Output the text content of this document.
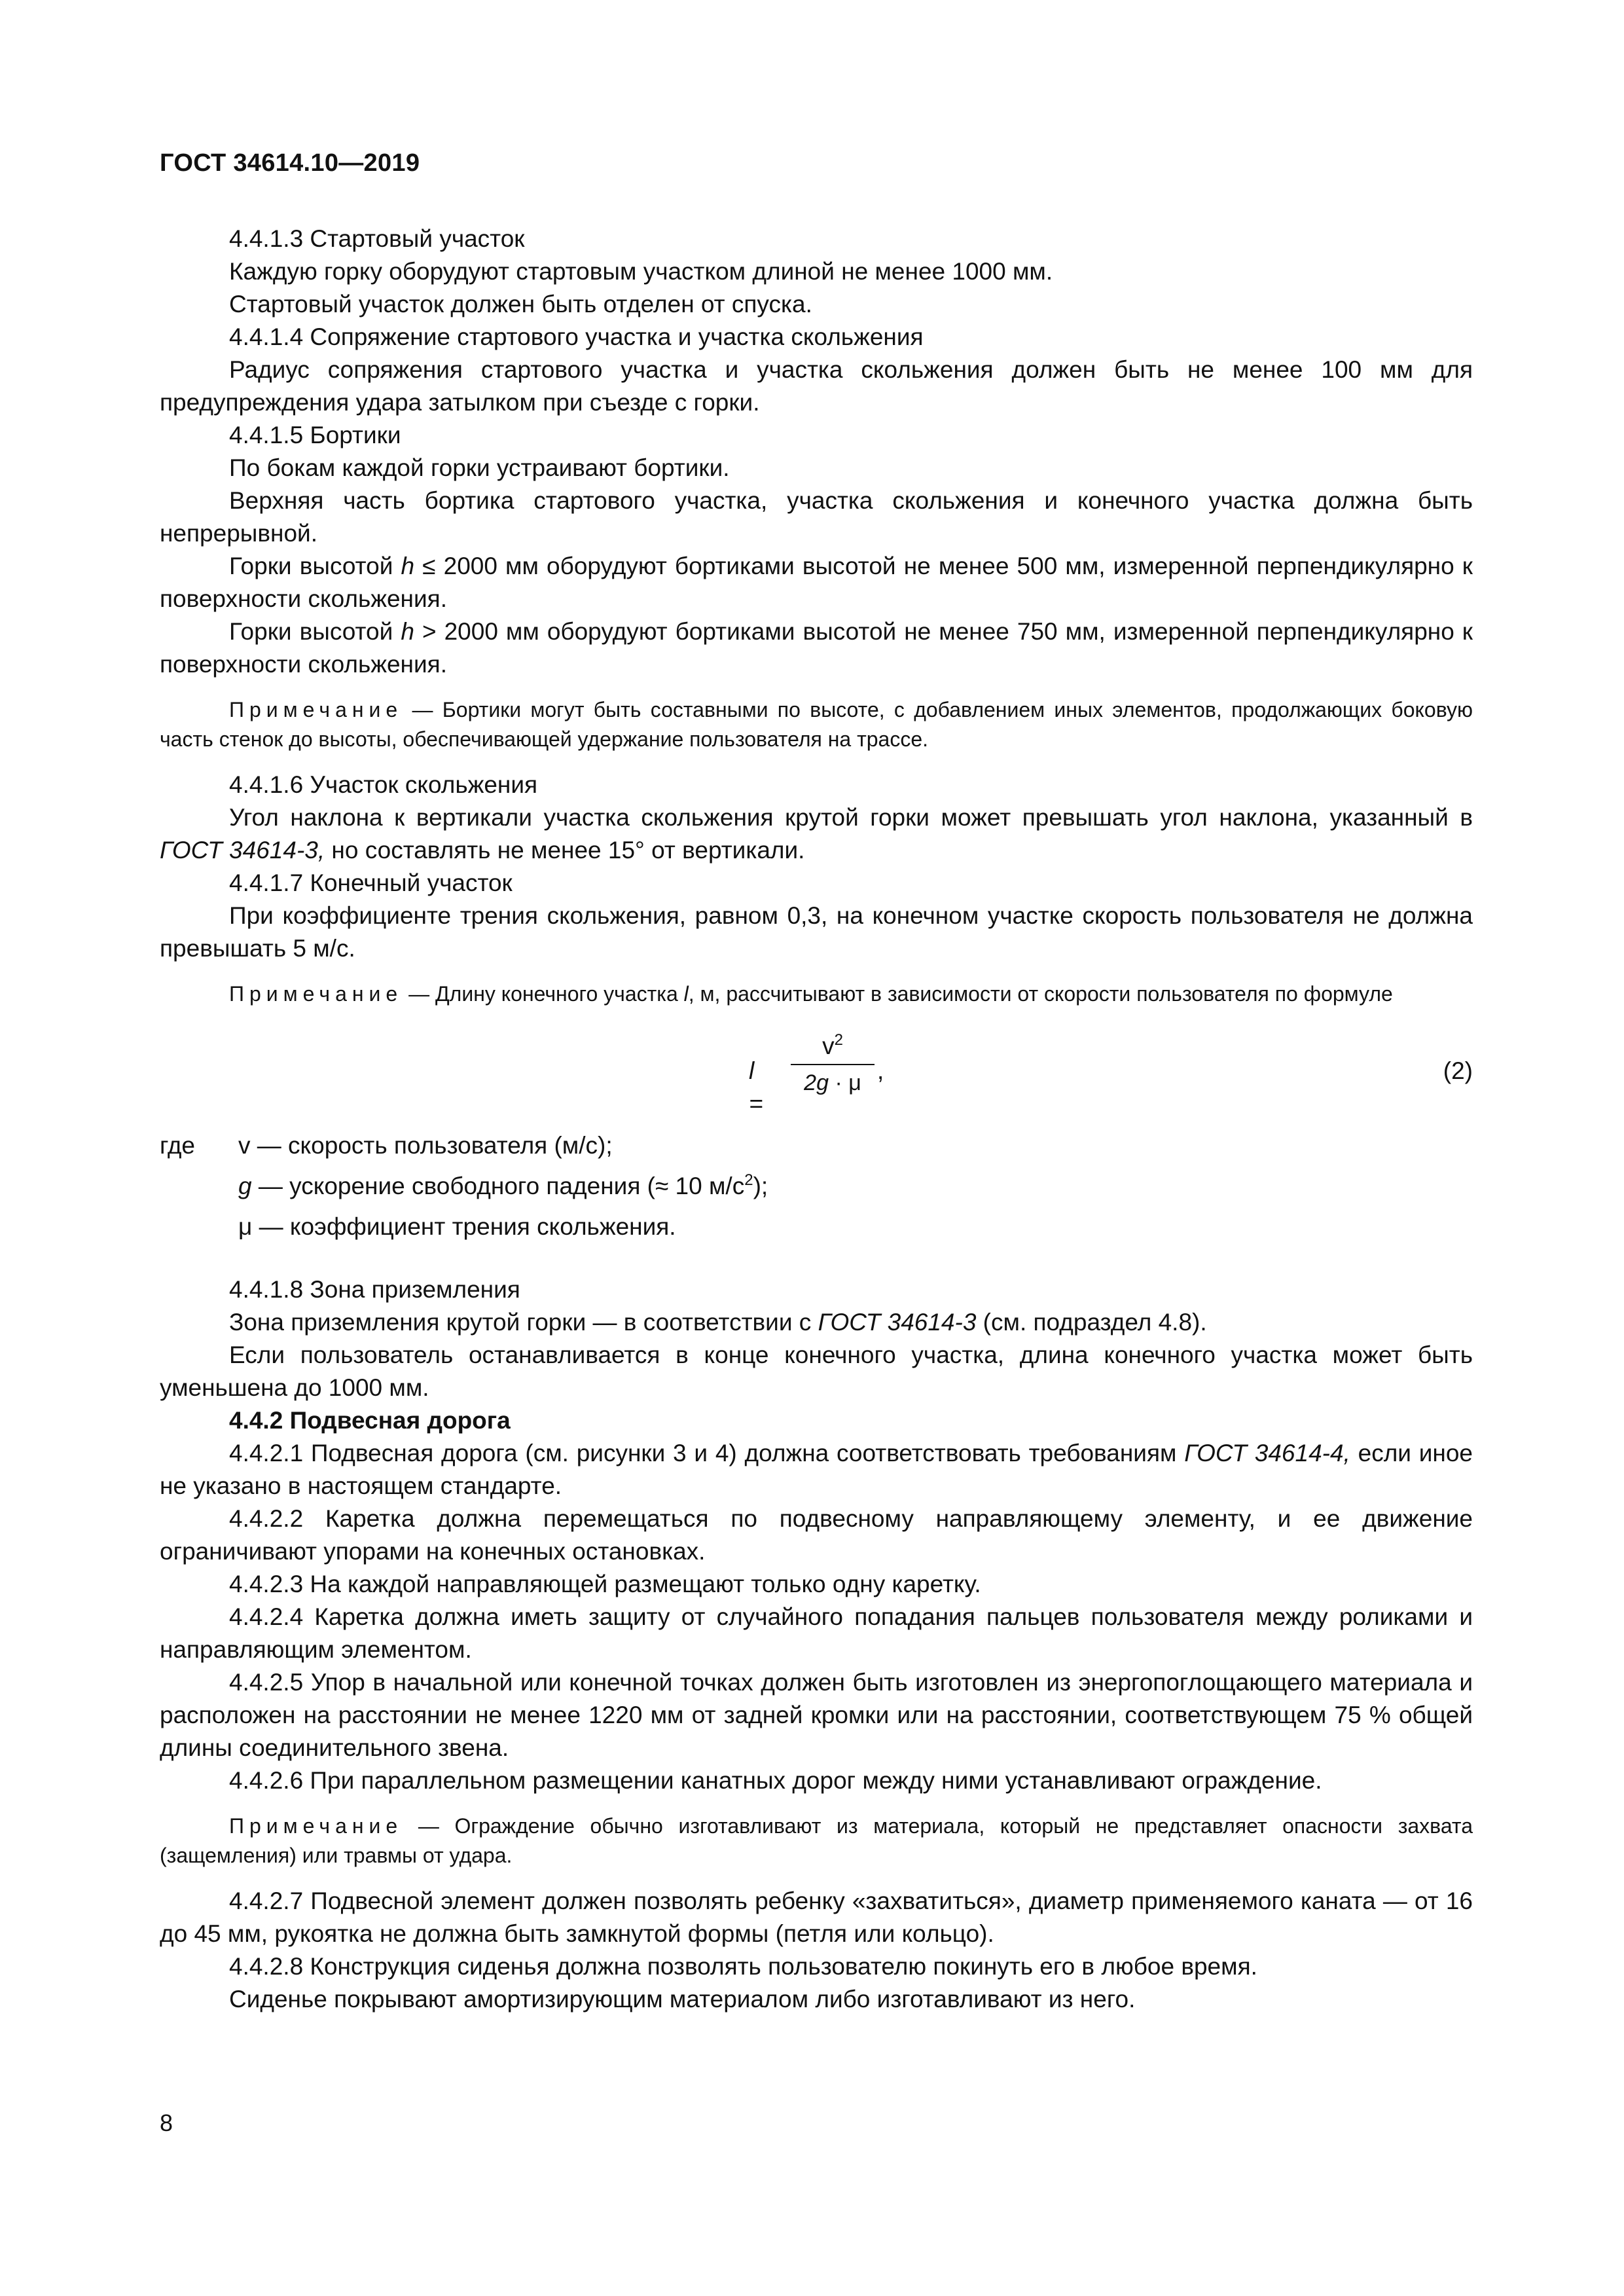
ГОСТ 34614.10—2019

4.4.1.3 Стартовый участок

Каждую горку оборудуют стартовым участком длиной не менее 1000 мм.

Стартовый участок должен быть отделен от спуска.

4.4.1.4 Сопряжение стартового участка и участка скольжения

Радиус сопряжения стартового участка и участка скольжения должен быть не менее 100 мм для предупреждения удара затылком при съезде с горки.

4.4.1.5 Бортики

По бокам каждой горки устраивают бортики.

Верхняя часть бортика стартового участка, участка скольжения и конечного участка должна быть непрерывной.

Горки высотой h ≤ 2000 мм оборудуют бортиками высотой не менее 500 мм, измеренной перпендикулярно к поверхности скольжения.

Горки высотой h > 2000 мм оборудуют бортиками высотой не менее 750 мм, измеренной перпендикулярно к поверхности скольжения.

Примечание — Бортики могут быть составными по высоте, с добавлением иных элементов, продолжающих боковую часть стенок до высоты, обеспечивающей удержание пользователя на трассе.

4.4.1.6 Участок скольжения

Угол наклона к вертикали участка скольжения крутой горки может превышать угол наклона, указанный в ГОСТ 34614-3, но составлять не менее 15° от вертикали.

4.4.1.7 Конечный участок

При коэффициенте трения скольжения, равном 0,3, на конечном участке скорость пользователя не должна превышать 5 м/с.

Примечание — Длину конечного участка l, м, рассчитывают в зависимости от скорости пользователя по формуле

l =
$v^2$
2g · μ ,	(2)
где v — скорость пользователя (м/с);
g — ускорение свободного падения (≈ 10 $м/с^2$);
μ — коэффициент трения скольжения.

4.4.1.8 Зона приземления

Зона приземления крутой горки — в соответствии с ГОСТ 34614-3 (см. подраздел 4.8).

Если пользователь останавливается в конце конечного участка, длина конечного участка может быть уменьшена до 1000 мм.

4.4.2 Подвесная дорога

4.4.2.1 Подвесная дорога (см. рисунки 3 и 4) должна соответствовать требованиям ГОСТ 34614-4, если иное не указано в настоящем стандарте.

4.4.2.2 Каретка должна перемещаться по подвесному направляющему элементу, и ее движение ограничивают упорами на конечных остановках.

4.4.2.3 На каждой направляющей размещают только одну каретку.

4.4.2.4 Каретка должна иметь защиту от случайного попадания пальцев пользователя между роликами и направляющим элементом.

4.4.2.5 Упор в начальной или конечной точках должен быть изготовлен из энергопоглощающего материала и расположен на расстоянии не менее 1220 мм от задней кромки или на расстоянии, соответствующем 75 % общей длины соединительного звена.

4.4.2.6 При параллельном размещении канатных дорог между ними устанавливают ограждение.

Примечание — Ограждение обычно изготавливают из материала, который не представляет опасности захвата (защемления) или травмы от удара.

4.4.2.7 Подвесной элемент должен позволять ребенку «захватиться», диаметр применяемого каната — от 16 до 45 мм, рукоятка не должна быть замкнутой формы (петля или кольцо).

4.4.2.8 Конструкция сиденья должна позволять пользователю покинуть его в любое время.

Сиденье покрывают амортизирующим материалом либо изготавливают из него.

8
